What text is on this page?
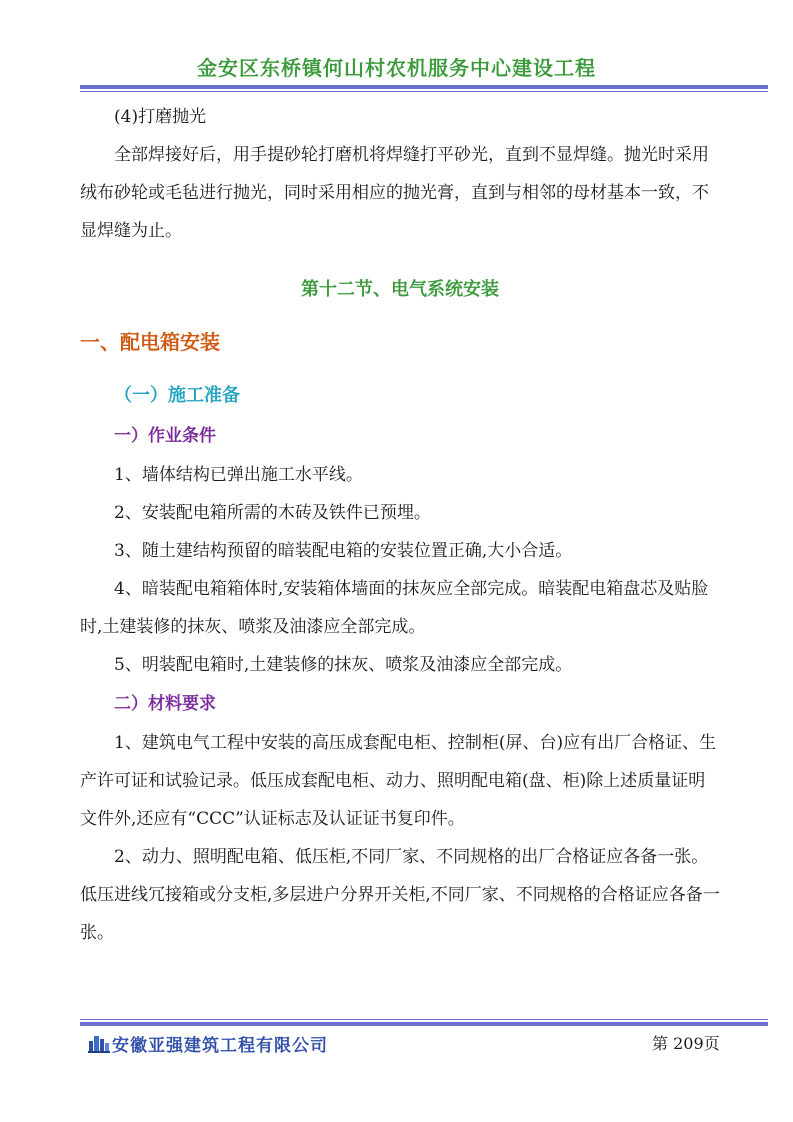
金安区东桥镇何山村农机服务中心建设工程

(4)打磨抛光

全部焊接好后，用手提砂轮打磨机将焊缝打平砂光，直到不显焊缝。抛光时采用绒布砂轮或毛毡进行抛光，同时采用相应的抛光膏，直到与相邻的母材基本一致，不显焊缝为止。

第十二节、电气系统安装
一、配电箱安装
（一）施工准备
一）作业条件

1、墙体结构已弹出施工水平线。

2、安装配电箱所需的木砖及铁件已预埋。

3、随土建结构预留的暗装配电箱的安装位置正确,大小合适。

4、暗装配电箱箱体时,安装箱体墙面的抹灰应全部完成。暗装配电箱盘芯及贴脸时,土建装修的抹灰、喷浆及油漆应全部完成。

5、明装配电箱时,土建装修的抹灰、喷浆及油漆应全部完成。

二）材料要求

1、建筑电气工程中安装的高压成套配电柜、控制柜(屏、台)应有出厂合格证、生产许可证和试验记录。低压成套配电柜、动力、照明配电箱(盘、柜)除上述质量证明文件外,还应有“CCC”认证标志及认证证书复印件。

2、动力、照明配电箱、低压柜,不同厂家、不同规格的出厂合格证应各备一张。低压进线冗接箱或分支柜,多层进户分界开关柜,不同厂家、不同规格的合格证应各备一张。

安徽亚强建筑工程有限公司	第 209页
